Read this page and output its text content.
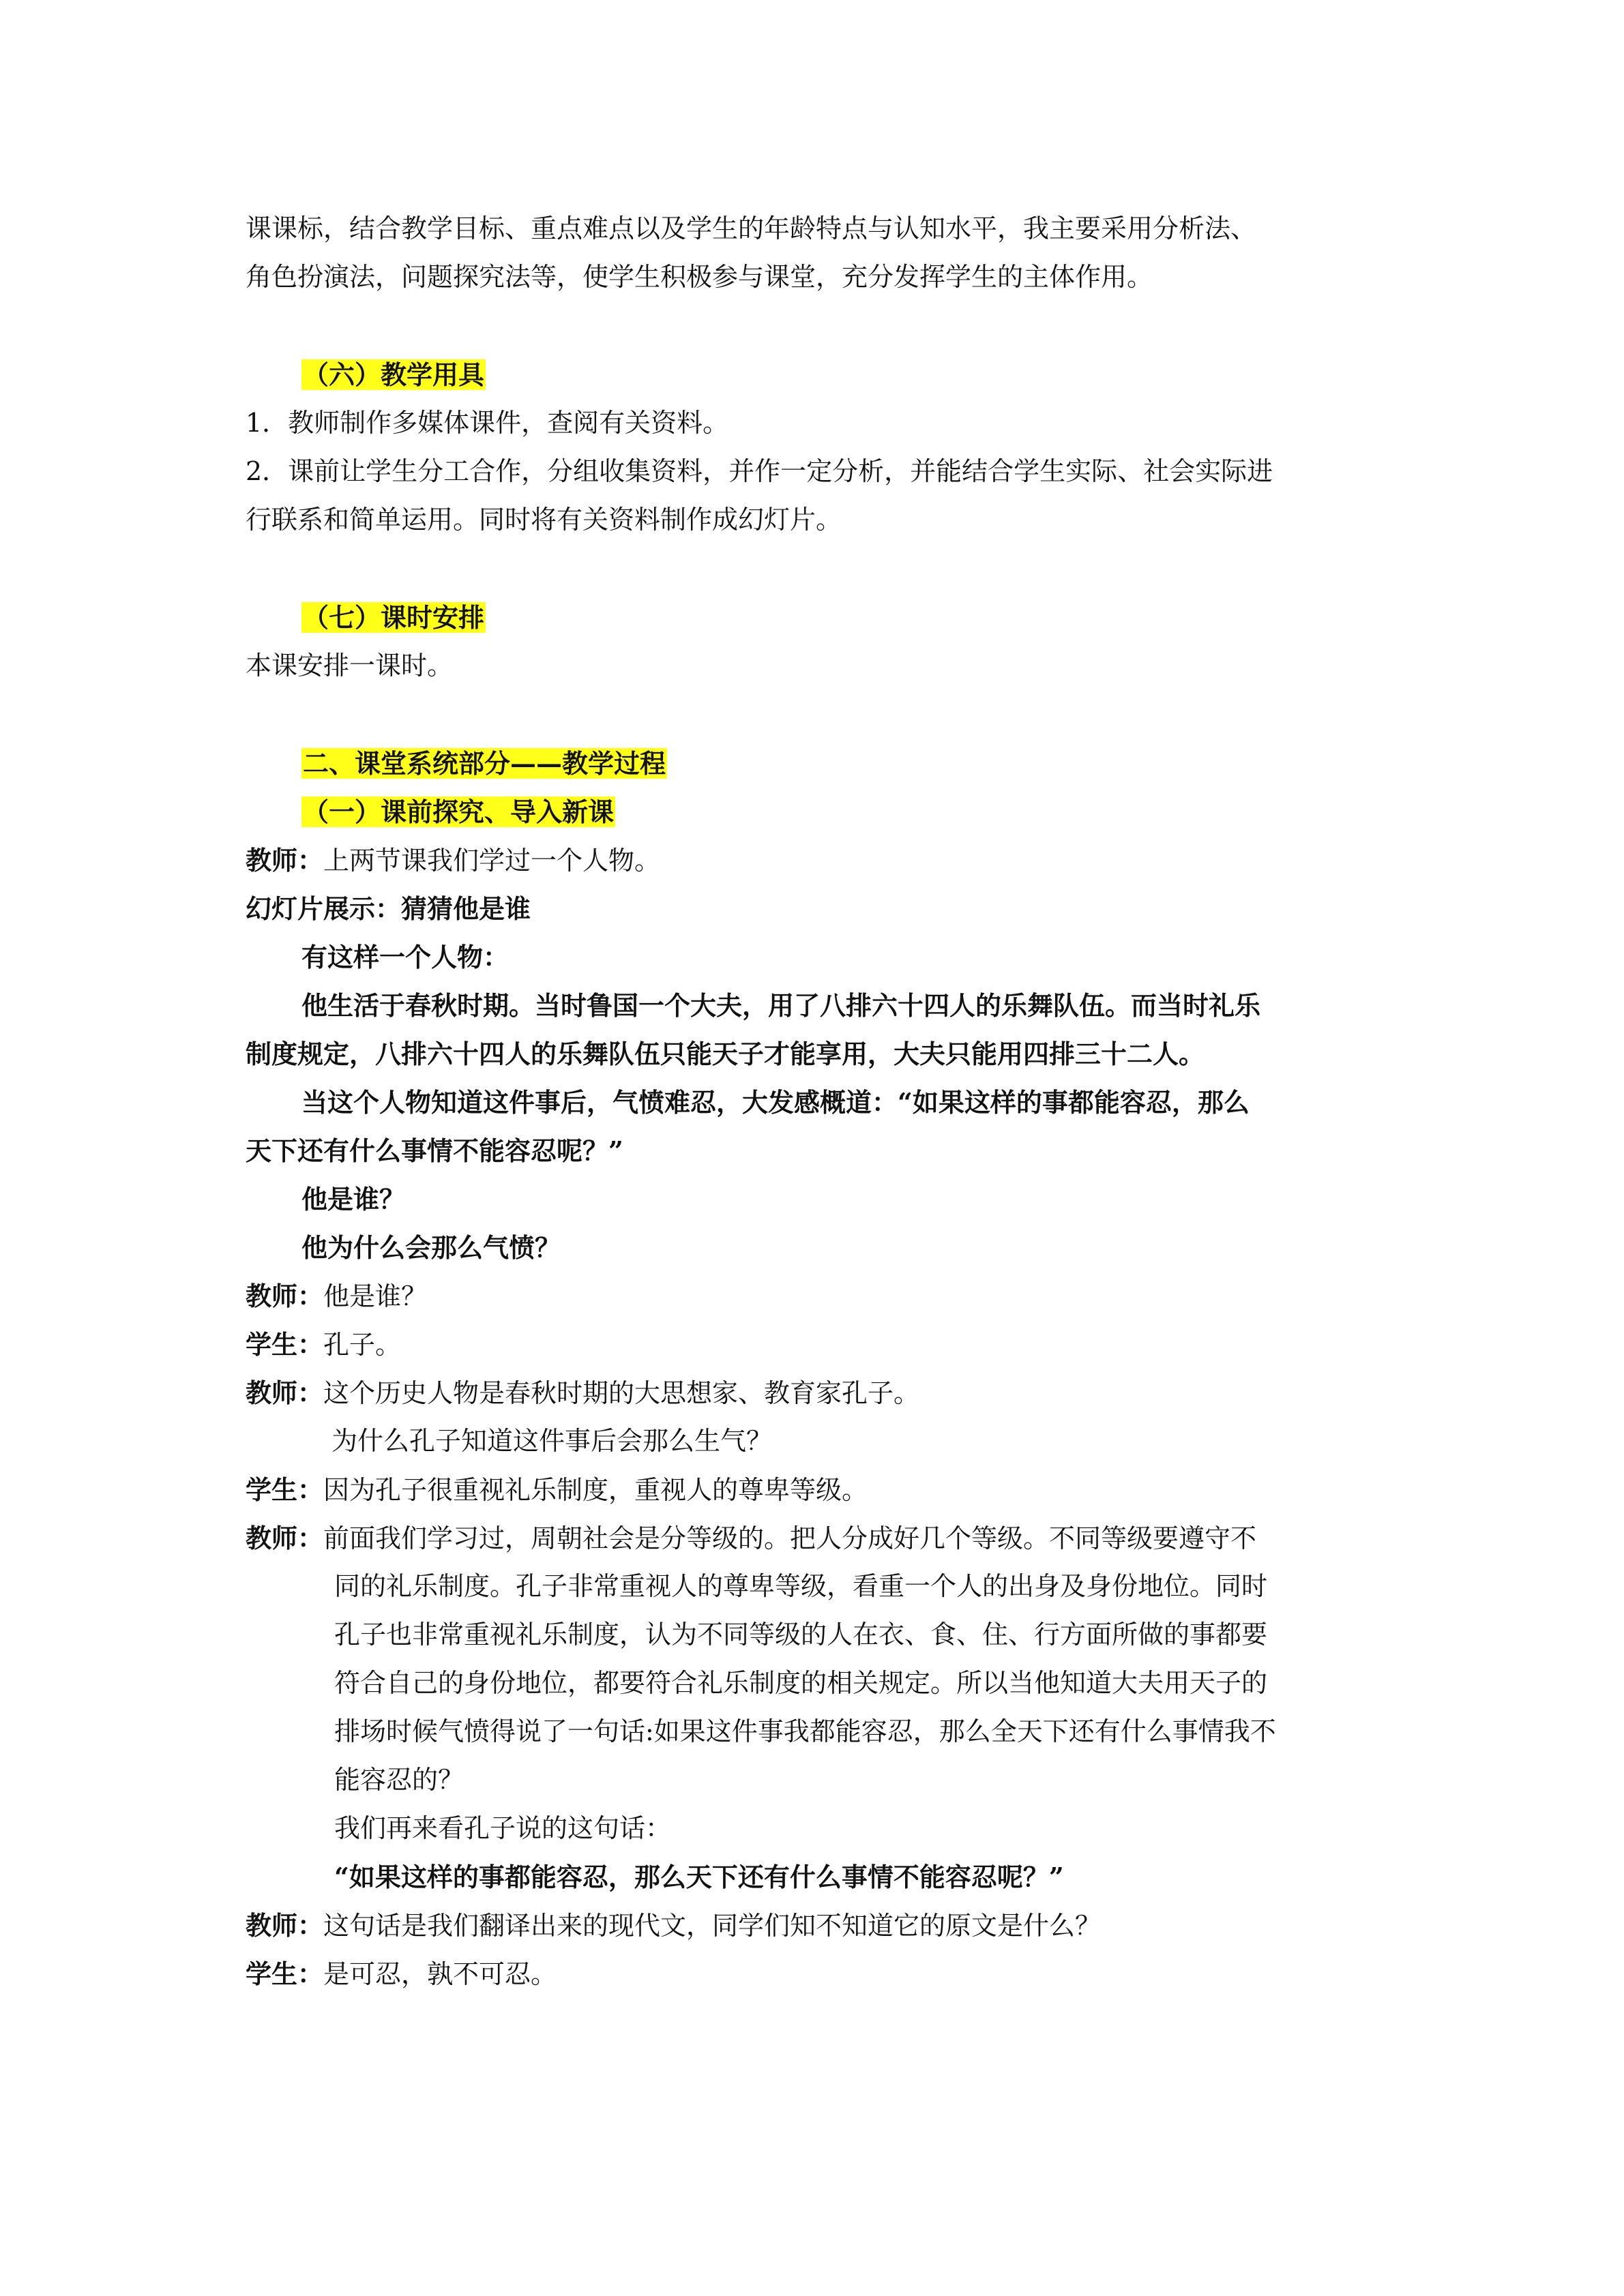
课课标，结合教学目标、重点难点以及学生的年龄特点与认知水平，我主要采用分析法、
角色扮演法，问题探究法等，使学生积极参与课堂，充分发挥学生的主体作用。
（六）教学用具
1．教师制作多媒体课件，查阅有关资料。
2．课前让学生分工合作，分组收集资料，并作一定分析，并能结合学生实际、社会实际进
行联系和简单运用。同时将有关资料制作成幻灯片。
（七）课时安排
本课安排一课时。
二、课堂系统部分——教学过程
（一）课前探究、导入新课
教师：上两节课我们学过一个人物。
幻灯片展示：猜猜他是谁
有这样一个人物：
他生活于春秋时期。当时鲁国一个大夫，用了八排六十四人的乐舞队伍。而当时礼乐
制度规定，八排六十四人的乐舞队伍只能天子才能享用，大夫只能用四排三十二人。
当这个人物知道这件事后，气愤难忍，大发感概道：“如果这样的事都能容忍，那么
天下还有什么事情不能容忍呢？”
他是谁？
他为什么会那么气愤？
教师：他是谁？
学生：孔子。
教师：这个历史人物是春秋时期的大思想家、教育家孔子。
为什么孔子知道这件事后会那么生气？
学生：因为孔子很重视礼乐制度，重视人的尊卑等级。
教师：前面我们学习过，周朝社会是分等级的。把人分成好几个等级。不同等级要遵守不
同的礼乐制度。孔子非常重视人的尊卑等级，看重一个人的出身及身份地位。同时
孔子也非常重视礼乐制度，认为不同等级的人在衣、食、住、行方面所做的事都要
符合自己的身份地位，都要符合礼乐制度的相关规定。所以当他知道大夫用天子的
排场时候气愤得说了一句话:如果这件事我都能容忍，那么全天下还有什么事情我不
能容忍的？
我们再来看孔子说的这句话：
“如果这样的事都能容忍，那么天下还有什么事情不能容忍呢？”
教师：这句话是我们翻译出来的现代文，同学们知不知道它的原文是什么？
学生：是可忍，孰不可忍。
